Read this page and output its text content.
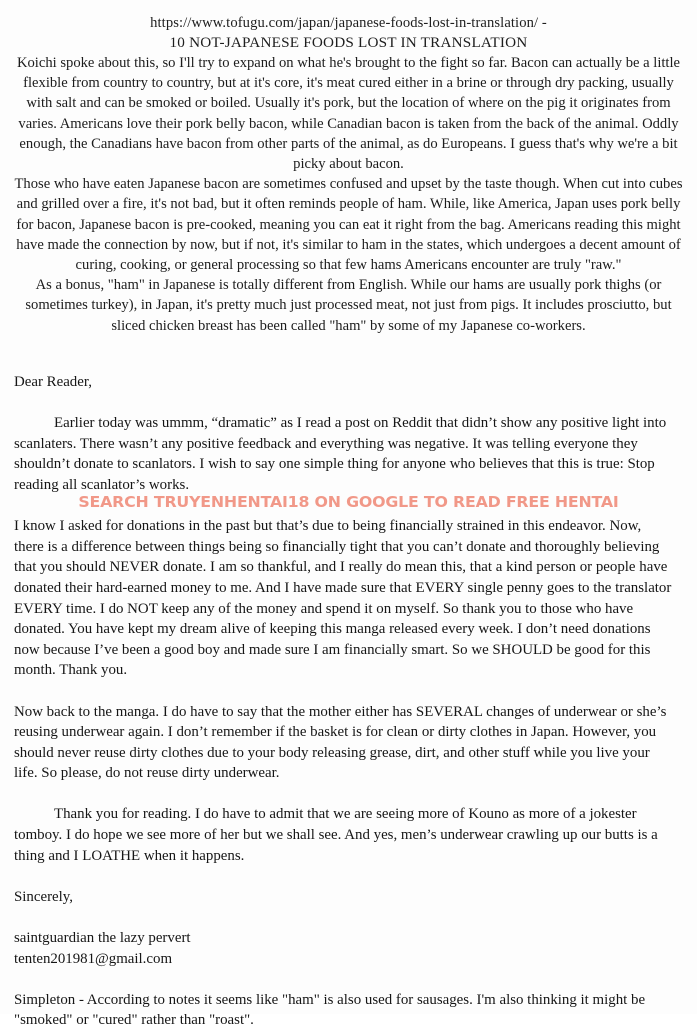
https://www.tofugu.com/japan/japanese-foods-lost-in-translation/ -
10 NOT-JAPANESE FOODS LOST IN TRANSLATION

Koichi spoke about this, so I'll try to expand on what he's brought to the fight so far. Bacon can actually be a little flexible from country to country, but at it's core, it's meat cured either in a brine or through dry packing, usually with salt and can be smoked or boiled. Usually it's pork, but the location of where on the pig it originates from varies. Americans love their pork belly bacon, while Canadian bacon is taken from the back of the animal. Oddly enough, the Canadians have bacon from other parts of the animal, as do Europeans. I guess that's why we're a bit picky about bacon.

Those who have eaten Japanese bacon are sometimes confused and upset by the taste though. When cut into cubes and grilled over a fire, it's not bad, but it often reminds people of ham. While, like America, Japan uses pork belly for bacon, Japanese bacon is pre-cooked, meaning you can eat it right from the bag. Americans reading this might have made the connection by now, but if not, it's similar to ham in the states, which undergoes a decent amount of curing, cooking, or general processing so that few hams Americans encounter are truly "raw."

As a bonus, "ham" in Japanese is totally different from English. While our hams are usually pork thighs (or sometimes turkey), in Japan, it's pretty much just processed meat, not just from pigs. It includes prosciutto, but sliced chicken breast has been called "ham" by some of my Japanese co-workers.

Dear Reader,

Earlier today was ummm, “dramatic” as I read a post on Reddit that didn’t show any positive light into scanlaters. There wasn’t any positive feedback and everything was negative. It was telling everyone they shouldn’t donate to scanlators. I wish to say one simple thing for anyone who believes that this is true: Stop reading all scanlator’s works.

I know I asked for donations in the past but that’s due to being financially strained in this endeavor. Now, there is a difference between things being so financially tight that you can’t donate and thoroughly believing that you should NEVER donate. I am so thankful, and I really do mean this, that a kind person or people have donated their hard-earned money to me. And I have made sure that EVERY single penny goes to the translator EVERY time. I do NOT keep any of the money and spend it on myself. So thank you to those who have donated. You have kept my dream alive of keeping this manga released every week. I don’t need donations now because I’ve been a good boy and made sure I am financially smart. So we SHOULD be good for this month. Thank you.

Now back to the manga. I do have to say that the mother either has SEVERAL changes of underwear or she’s reusing underwear again. I don’t remember if the basket is for clean or dirty clothes in Japan. However, you should never reuse dirty clothes due to your body releasing grease, dirt, and other stuff while you live your life. So please, do not reuse dirty underwear.

Thank you for reading. I do have to admit that we are seeing more of Kouno as more of a jokester tomboy. I do hope we see more of her but we shall see. And yes, men’s underwear crawling up our butts is a thing and I LOATHE when it happens.

Sincerely,

saintguardian the lazy pervert

tenten201981@gmail.com

Simpleton - According to notes it seems like "ham" is also used for sausages. I'm also thinking it might be "smoked" or "cured" rather than "roast".

SEARCH TRUYENHENTAI18 ON GOOGLE TO READ FREE HENTAI
